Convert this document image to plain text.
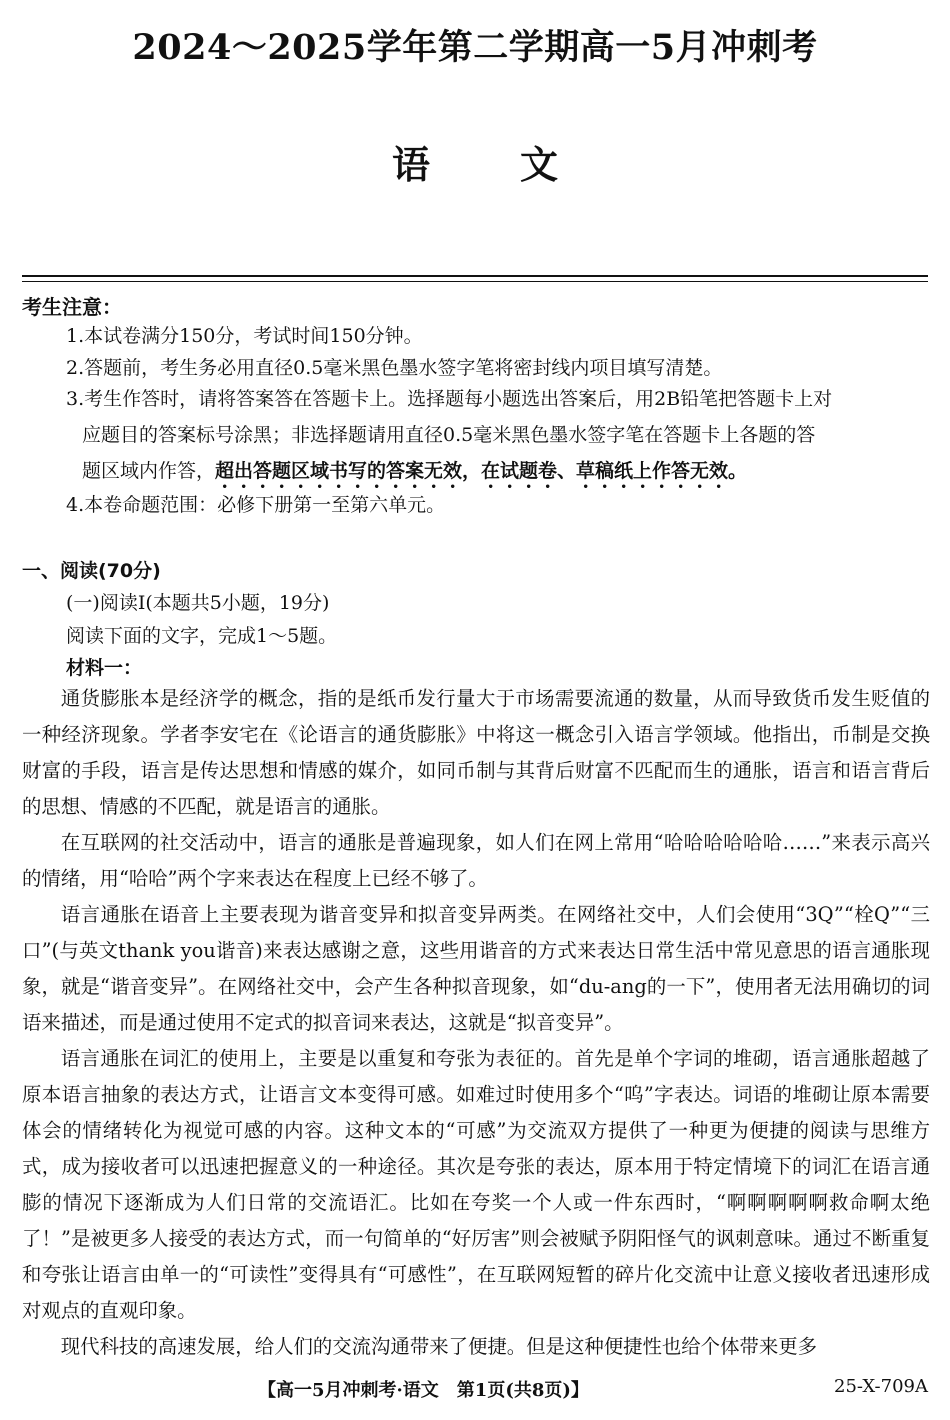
2024～2025学年第二学期高一5月冲刺考
语文
考生注意：
1.本试卷满分150分，考试时间150分钟。
2.答题前，考生务必用直径0.5毫米黑色墨水签字笔将密封线内项目填写清楚。
3.考生作答时，请将答案答在答题卡上。选择题每小题选出答案后，用2B铅笔把答题卡上对
应题目的答案标号涂黑；非选择题请用直径0.5毫米黑色墨水签字笔在答题卡上各题的答
题区域内作答，超出答题区域书写的答案无效，在试题卷、草稿纸上作答无效。
4.本卷命题范围：必修下册第一至第六单元。
一、阅读(70分)
(一)阅读Ⅰ(本题共5小题，19分)
阅读下面的文字，完成1～5题。
材料一：

通货膨胀本是经济学的概念，指的是纸币发行量大于市场需要流通的数量，从而导致货币发生贬值的一种经济现象。学者李安宅在《论语言的通货膨胀》中将这一概念引入语言学领域。他指出，币制是交换财富的手段，语言是传达思想和情感的媒介，如同币制与其背后财富不匹配而生的通胀，语言和语言背后的思想、情感的不匹配，就是语言的通胀。

在互联网的社交活动中，语言的通胀是普遍现象，如人们在网上常用“哈哈哈哈哈哈……”来表示高兴的情绪，用“哈哈”两个字来表达在程度上已经不够了。

语言通胀在语音上主要表现为谐音变异和拟音变异两类。在网络社交中，人们会使用“3Q”“栓Q”“三口”(与英文thank you谐音)来表达感谢之意，这些用谐音的方式来表达日常生活中常见意思的语言通胀现象，就是“谐音变异”。在网络社交中，会产生各种拟音现象，如“du-ang的一下”，使用者无法用确切的词语来描述，而是通过使用不定式的拟音词来表达，这就是“拟音变异”。

语言通胀在词汇的使用上，主要是以重复和夸张为表征的。首先是单个字词的堆砌，语言通胀超越了原本语言抽象的表达方式，让语言文本变得可感。如难过时使用多个“呜”字表达。词语的堆砌让原本需要体会的情绪转化为视觉可感的内容。这种文本的“可感”为交流双方提供了一种更为便捷的阅读与思维方式，成为接收者可以迅速把握意义的一种途径。其次是夸张的表达，原本用于特定情境下的词汇在语言通膨的情况下逐渐成为人们日常的交流语汇。比如在夸奖一个人或一件东西时，“啊啊啊啊啊救命啊太绝了！”是被更多人接受的表达方式，而一句简单的“好厉害”则会被赋予阴阳怪气的讽刺意味。通过不断重复和夸张让语言由单一的“可读性”变得具有“可感性”，在互联网短暂的碎片化交流中让意义接收者迅速形成对观点的直观印象。

现代科技的高速发展，给人们的交流沟通带来了便捷。但是这种便捷性也给个体带来更多

【高一5月冲刺考·语文　第1页(共8页)】	25-X-709A
